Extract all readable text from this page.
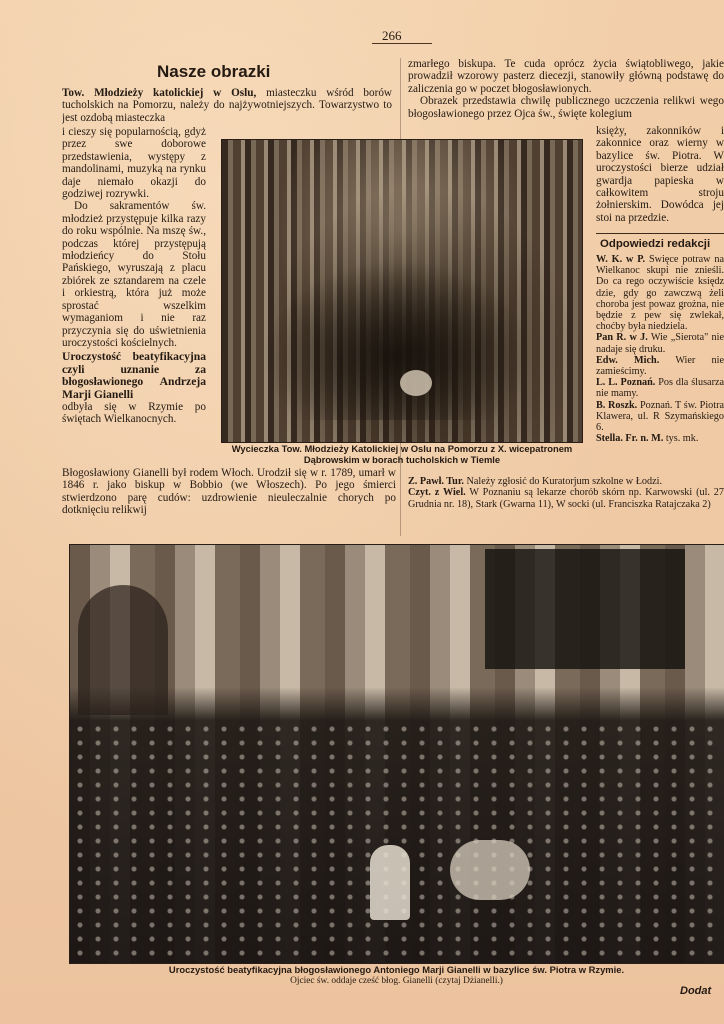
266
Nasze obrazki

Tow. Młodzieży katolickiej w Oslu, miasteczku wśród borów tucholskich na Pomorzu, należy do najżywotniejszych. Towarzystwo to jest ozdobą miasteczka

i cieszy się popularnością, gdyż przez swe doborowe przedstawienia, występy z mandolinami, muzyką na rynku daje niemało okazji do godziwej rozrywki.

Do sakramentów św. młodzież przystępuje kilka razy do roku wspólnie. Na mszę św., podczas której przystępują młodzieńcy do Stołu Pańskiego, wyruszają z placu zbiórek ze sztandarem na czele i orkiestrą, która już może sprostać wszelkim wymaganiom i nie raz przyczynia się do uświetnienia uroczystości kościelnych.

Uroczystość beatyfikacyjna czyli uznanie za błogosławionego Andrzeja Marji Gianelli

odbyła się w Rzymie po świętach Wielkanocnych.

Błogosławiony Gianelli był rodem Włoch. Urodził się w r. 1789, umarł w 1846 r. jako biskup w Bobbio (we Włoszech). Po jego śmierci stwierdzono parę cudów: uzdrowienie nieuleczalnie chorych po dotknięciu relikwij

zmarłego biskupa. Te cuda oprócz życia świątobliwego, jakie prowadził wzorowy pasterz diecezji, stanowiły główną podstawę do zaliczenia go w poczet błogosławionych.

Obrazek przedstawia chwilę publicznego uczczenia relikwi wego błogosławionego przez Ojca św., święte kolegium

Wycieczka Tow. Młodzieży Katolickiej w Oslu na Pomorzu z X. wicepatronem Dąbrowskim w borach tucholskich w Tiemle
księży, zakonników i zakonnice oraz wierny w bazylice św. Piotra. W uroczystości bierze udział gwardja papieska w całkowitem stroju żołnierskim. Dowódca jej stoi na przedzie.
Odpowiedzi redakcji

W. K. w P. Święce potraw na Wielkanoc skupi nie znieśli. Do ca rego oczywiście księdz dzie, gdy go zawczwą żeli choroba jest powaz grożna, nie będzie z pew się zwlekał, choćby była niedziela.

Pan R. w J. Wie „Sierota" nie nadaje się druku.

Edw. Mich. Wier nie zamieścimy.

L. L. Poznań. Pos dla ślusarza nie mamy.

B. Roszk. Poznań. T św. Piotra Klawera, ul. R Szymańskiego 6.

Stella. Fr. n. M. tys. mk.

Z. Pawł. Tur. Należy zgłosić do Kuratorjum szkolne w Łodzi.

Czyt. z Wiel. W Poznaniu są lekarze chorób skórn np. Karwowski (ul. 27 Grudnia nr. 18), Stark (Gwarna 11), W socki (ul. Franciszka Ratajczaka 2)

Uroczystość beatyfikacyjna błogosławionego Antoniego Marji Gianelli w bazylice św. Piotra w Rzymie.
Ojciec św. oddaje cześć błog. Gianelli (czytaj Dżianelli.)
Dodat
